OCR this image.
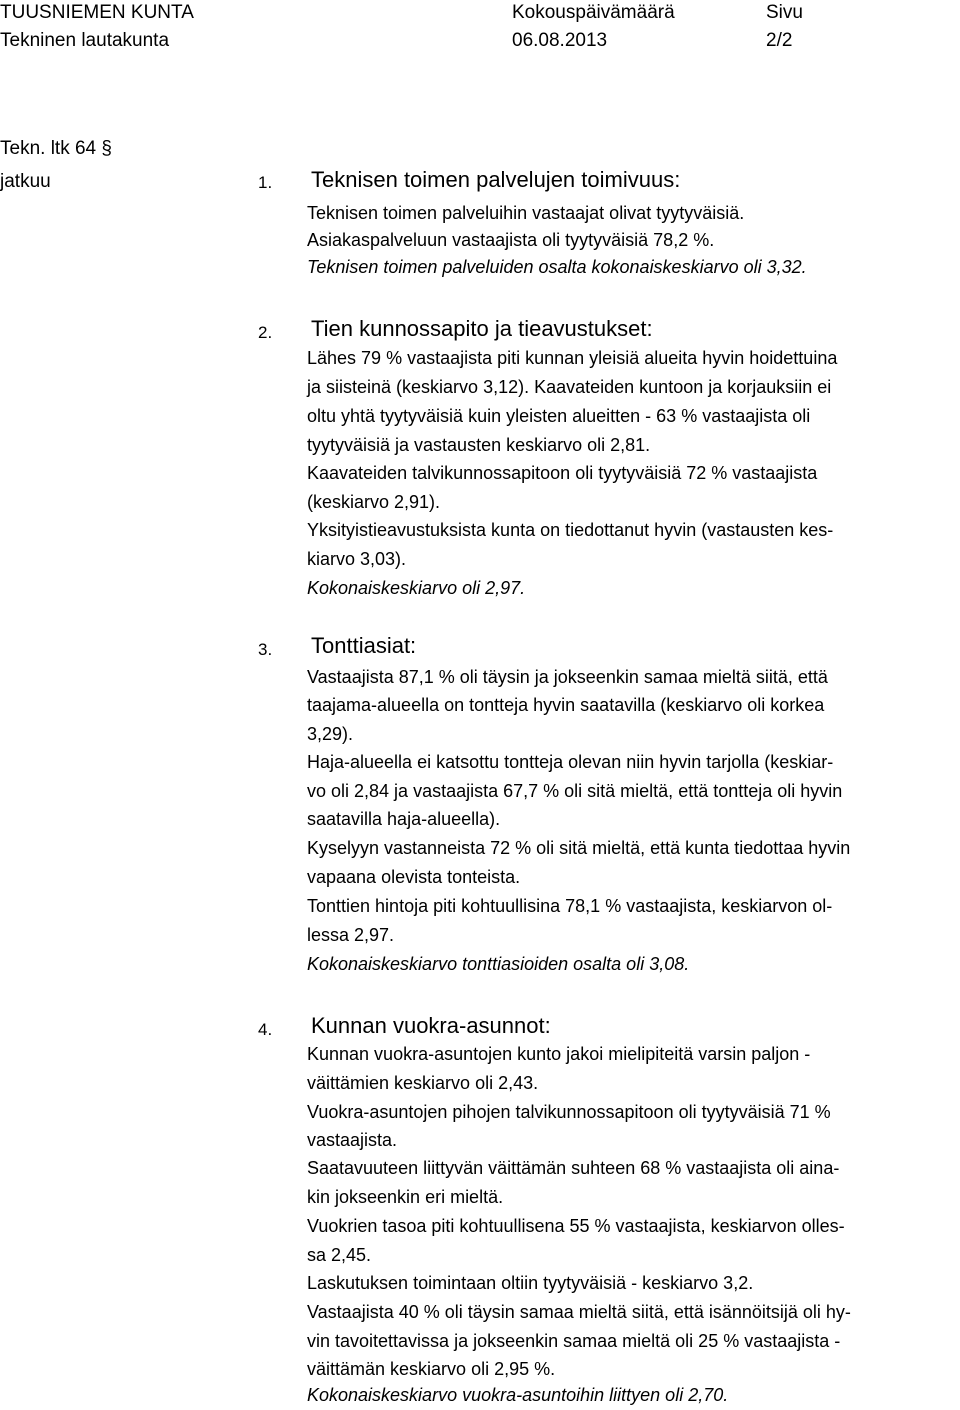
TUUSNIEMEN KUNTA
Tekninen lautakunta
Kokouspäivämäärä
06.08.2013
Sivu
2/2
Tekn. ltk 64 §
jatkuu	1. Teknisen toimen palvelujen toimivuus:
Teknisen toimen palveluihin vastaajat olivat tyytyväisiä.
Asiakaspalveluun vastaajista oli tyytyväisiä 78,2 %.
Teknisen toimen palveluiden osalta kokonaiskeskiarvo oli 3,32.
2. Tien kunnossapito ja tieavustukset:
Lähes 79 % vastaajista piti kunnan yleisiä alueita hyvin hoidettuina
ja siisteinä (keskiarvo 3,12). Kaavateiden kuntoon ja korjauksiin ei
oltu yhtä tyytyväisiä kuin yleisten alueitten - 63 % vastaajista oli
tyytyväisiä ja vastausten keskiarvo oli 2,81.
Kaavateiden talvikunnossapitoon oli tyytyväisiä 72 % vastaajista
(keskiarvo 2,91).
Yksityistieavustuksista kunta on tiedottanut hyvin (vastausten kes-
kiarvo 3,03).
Kokonaiskeskiarvo oli 2,97.
3. Tonttiasiat:
Vastaajista 87,1 % oli täysin ja jokseenkin samaa mieltä siitä, että
taajama-alueella on tontteja hyvin saatavilla (keskiarvo oli korkea
3,29).
Haja-alueella ei katsottu tontteja olevan niin hyvin tarjolla (keskiar-
vo oli 2,84 ja vastaajista 67,7 % oli sitä mieltä, että tontteja oli hyvin
saatavilla haja-alueella).
Kyselyyn vastanneista 72 % oli sitä mieltä, että kunta tiedottaa hyvin
vapaana olevista tonteista.
Tonttien hintoja piti kohtuullisina 78,1 % vastaajista, keskiarvon ol-
lessa 2,97.
Kokonaiskeskiarvo tonttiasioiden osalta oli 3,08.
4. Kunnan vuokra-asunnot:
Kunnan vuokra-asuntojen kunto jakoi mielipiteitä varsin paljon -
väittämien keskiarvo oli 2,43.
Vuokra-asuntojen pihojen talvikunnossapitoon oli tyytyväisiä 71 %
vastaajista.
Saatavuuteen liittyvän väittämän suhteen 68 % vastaajista oli aina-
kin jokseenkin eri mieltä.
Vuokrien tasoa piti kohtuullisena 55 % vastaajista, keskiarvon olles-
sa 2,45.
Laskutuksen toimintaan oltiin tyytyväisiä - keskiarvo 3,2.
Vastaajista 40 % oli täysin samaa mieltä siitä, että isännöitsijä oli hy-
vin tavoitettavissa ja jokseenkin samaa mieltä oli 25 % vastaajista -
väittämän keskiarvo oli 2,95 %.
Kokonaiskeskiarvo vuokra-asuntoihin liittyen oli 2,70.
